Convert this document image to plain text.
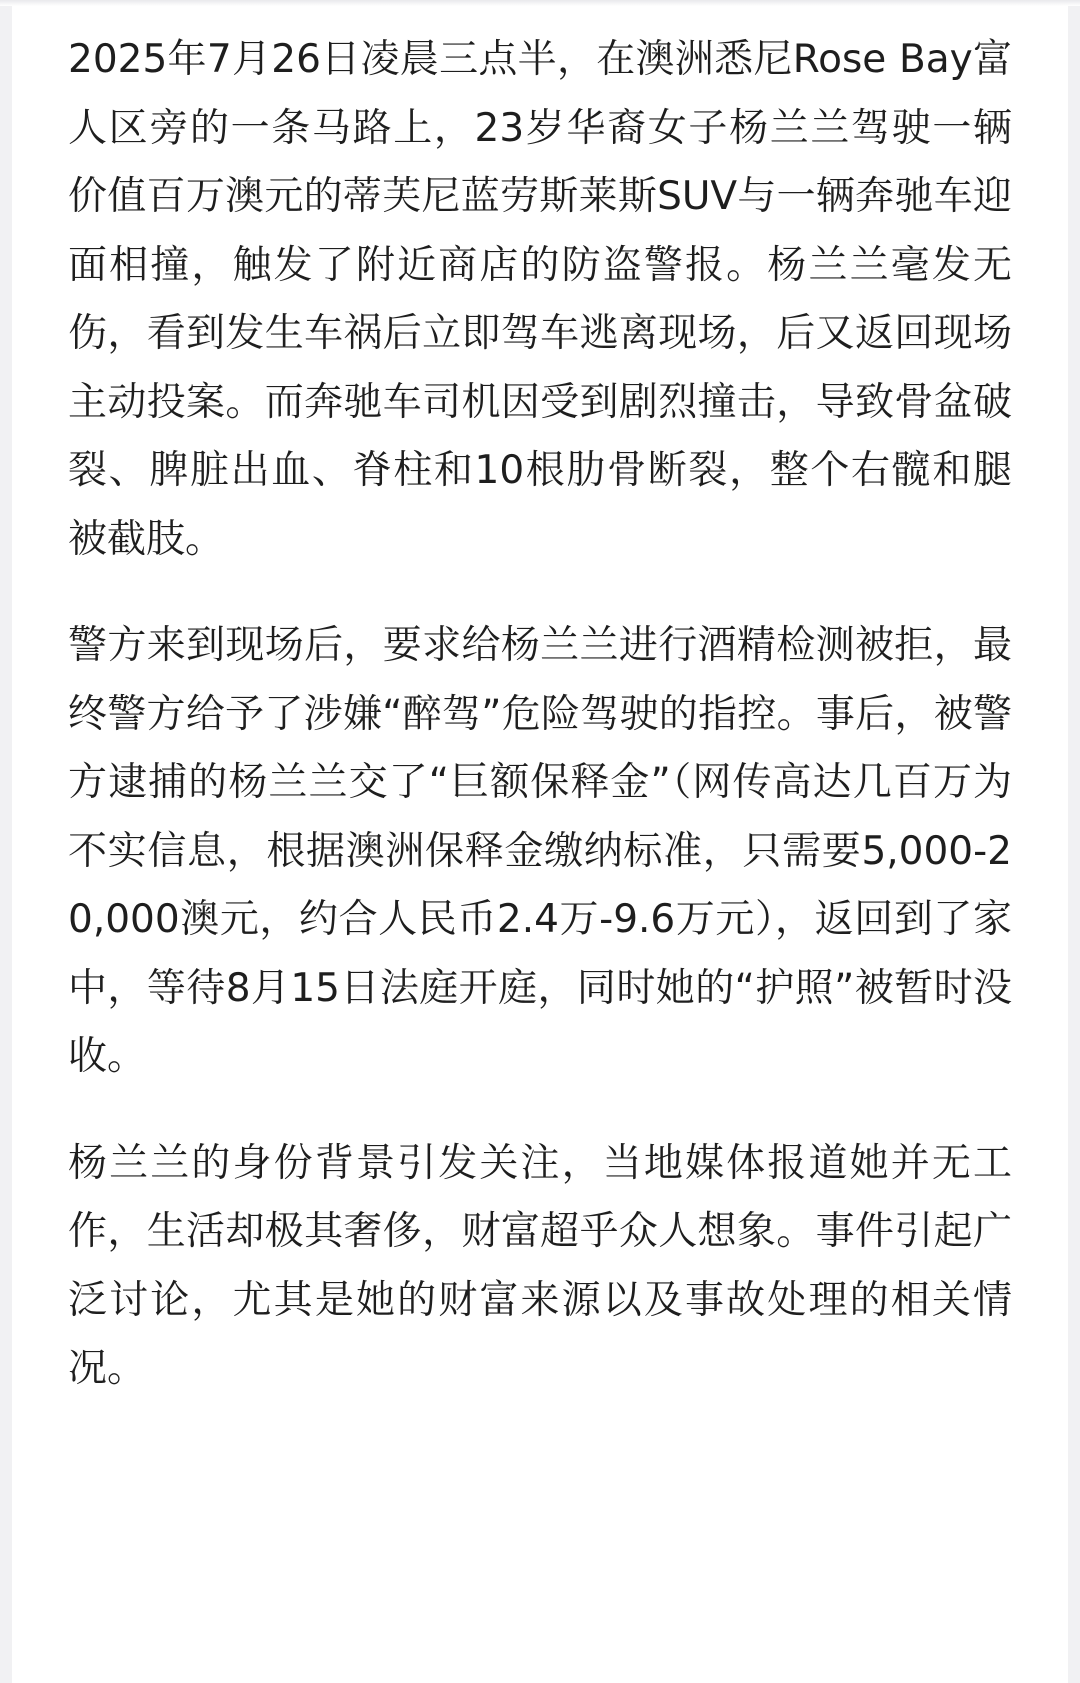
2025年7月26日凌晨三点半，在澳洲悉尼Rose Bay富人区旁的一条马路上，23岁华裔女子杨兰兰驾驶一辆价值百万澳元的蒂芙尼蓝劳斯莱斯SUV与一辆奔驰车迎面相撞，触发了附近商店的防盗警报。杨兰兰毫发无伤，看到发生车祸后立即驾车逃离现场，后又返回现场主动投案。而奔驰车司机因受到剧烈撞击，导致骨盆破裂、脾脏出血、脊柱和10根肋骨断裂，整个右髋和腿被截肢。

警方来到现场后，要求给杨兰兰进行酒精检测被拒，最终警方给予了涉嫌“醉驾”危险驾驶的指控。事后，被警方逮捕的杨兰兰交了“巨额保释金”（网传高达几百万为不实信息，根据澳洲保释金缴纳标准，只需要5,000-20,000澳元，约合人民币2.4万-9.6万元），返回到了家中，等待8月15日法庭开庭，同时她的“护照”被暂时没收。

杨兰兰的身份背景引发关注，当地媒体报道她并无工作，生活却极其奢侈，财富超乎众人想象。事件引起广泛讨论，尤其是她的财富来源以及事故处理的相关情况。
